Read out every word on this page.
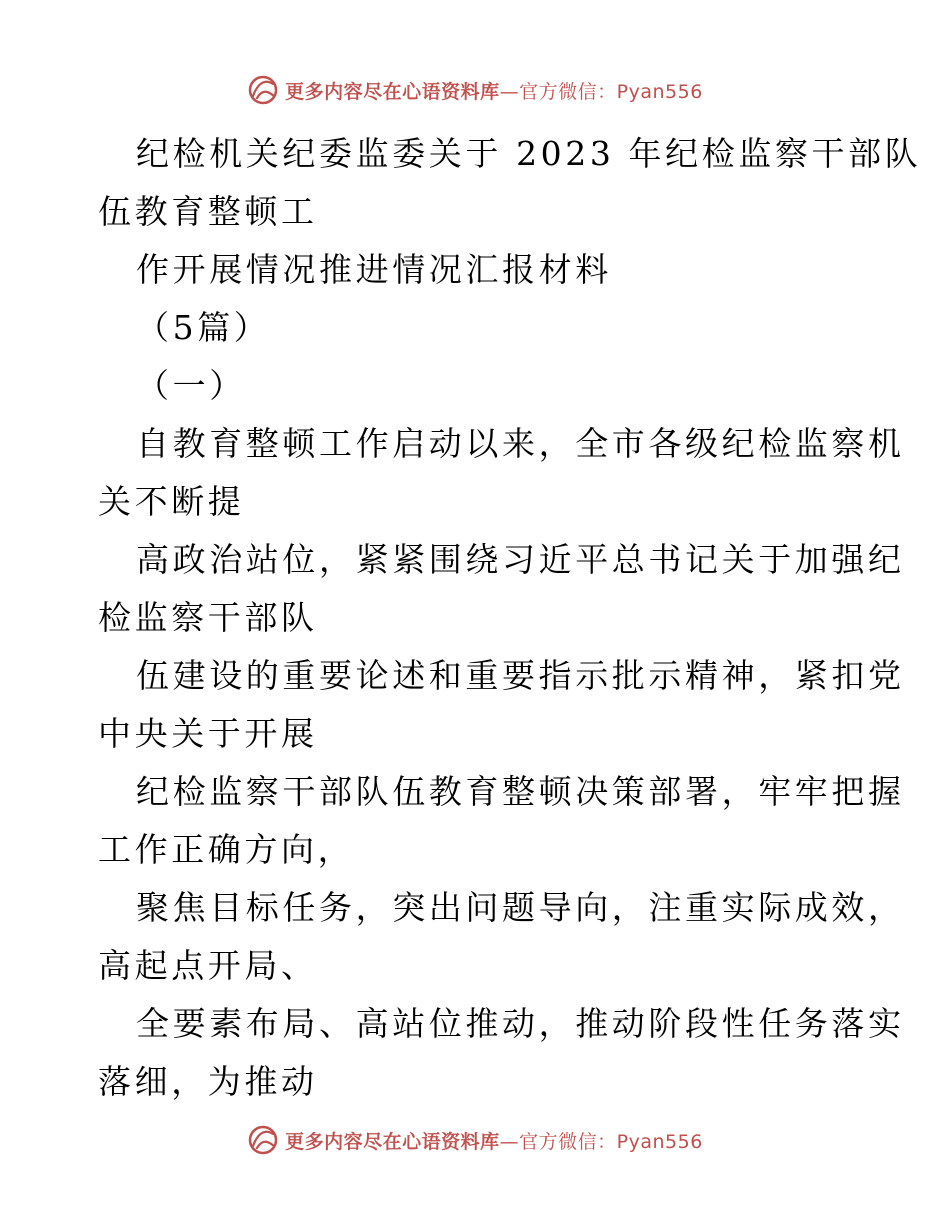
更多内容尽在心语资料库—官方微信：Pyan556
纪检机关纪委监委关于 2023 年纪检监察干部队
伍教育整顿工
作开展情况推进情况汇报材料
（5篇）
（一）
自教育整顿工作启动以来，全市各级纪检监察机
关不断提
高政治站位，紧紧围绕习近平总书记关于加强纪
检监察干部队
伍建设的重要论述和重要指示批示精神，紧扣党
中央关于开展
纪检监察干部队伍教育整顿决策部署，牢牢把握
工作正确方向，
聚焦目标任务，突出问题导向，注重实际成效，
高起点开局、
全要素布局、高站位推动，推动阶段性任务落实
落细，为推动
更多内容尽在心语资料库—官方微信：Pyan556
